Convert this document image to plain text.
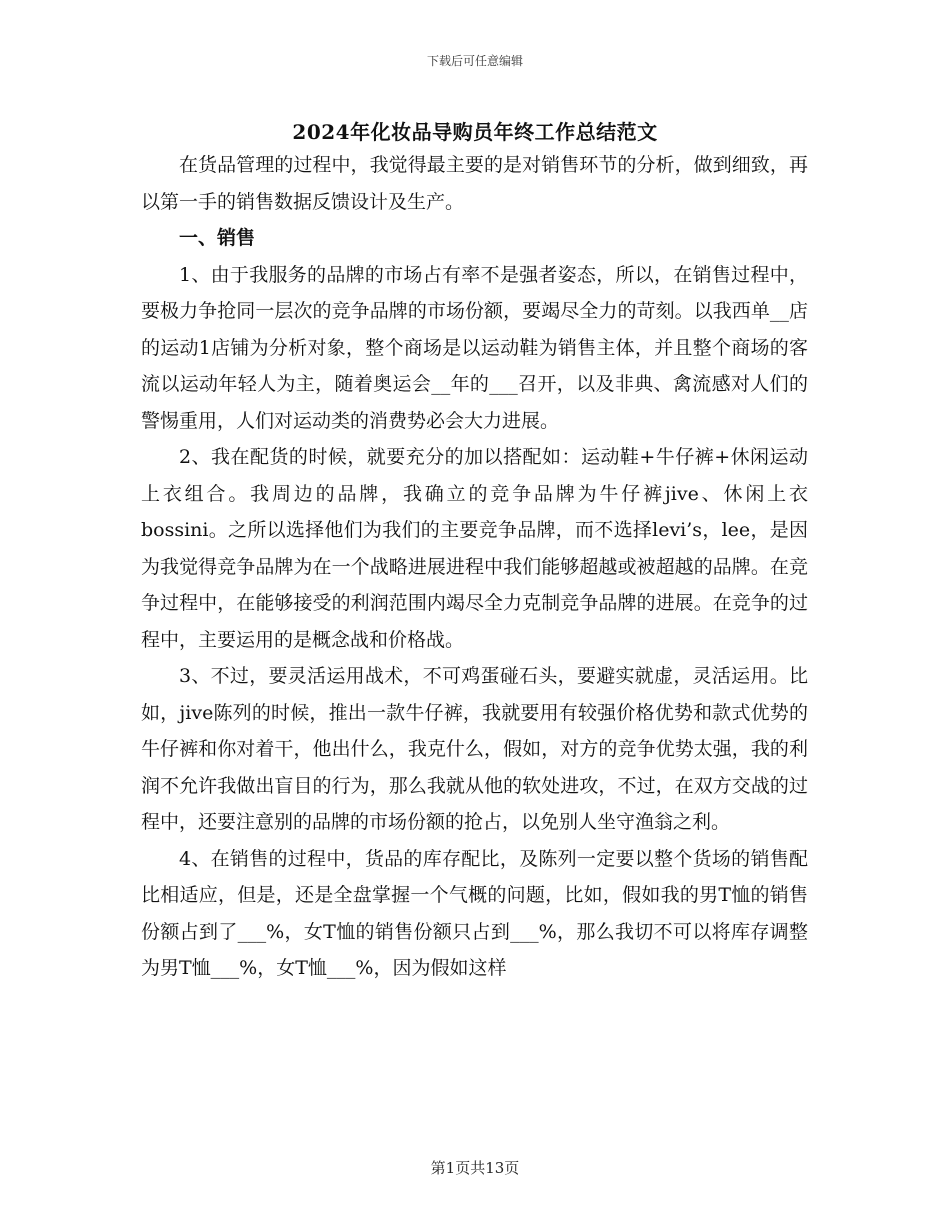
下载后可任意编辑
2024年化妆品导购员年终工作总结范文

在货品管理的过程中，我觉得最主要的是对销售环节的分析，做到细致，再以第一手的销售数据反馈设计及生产。

一、销售

1、由于我服务的品牌的市场占有率不是强者姿态，所以，在销售过程中，要极力争抢同一层次的竞争品牌的市场份额，要竭尽全力的苛刻。以我西单__店的运动1店铺为分析对象，整个商场是以运动鞋为销售主体，并且整个商场的客流以运动年轻人为主，随着奥运会__年的___召开，以及非典、禽流感对人们的警惕重用，人们对运动类的消费势必会大力进展。

2、我在配货的时候，就要充分的加以搭配如：运动鞋+牛仔裤+休闲运动上衣组合。我周边的品牌，我确立的竞争品牌为牛仔裤jive、休闲上衣bossini。之所以选择他们为我们的主要竞争品牌，而不选择levi’s，lee，是因为我觉得竞争品牌为在一个战略进展进程中我们能够超越或被超越的品牌。在竞争过程中，在能够接受的利润范围内竭尽全力克制竞争品牌的进展。在竞争的过程中，主要运用的是概念战和价格战。

3、不过，要灵活运用战术，不可鸡蛋碰石头，要避实就虚，灵活运用。比如，jive陈列的时候，推出一款牛仔裤，我就要用有较强价格优势和款式优势的牛仔裤和你对着干，他出什么，我克什么，假如，对方的竞争优势太强，我的利润不允许我做出盲目的行为，那么我就从他的软处进攻，不过，在双方交战的过程中，还要注意别的品牌的市场份额的抢占，以免别人坐守渔翁之利。

4、在销售的过程中，货品的库存配比，及陈列一定要以整个货场的销售配比相适应，但是，还是全盘掌握一个气概的问题，比如，假如我的男T恤的销售份额占到了___%，女T恤的销售份额只占到___%，那么我切不可以将库存调整为男T恤___%，女T恤___%，因为假如这样

第1页共13页
